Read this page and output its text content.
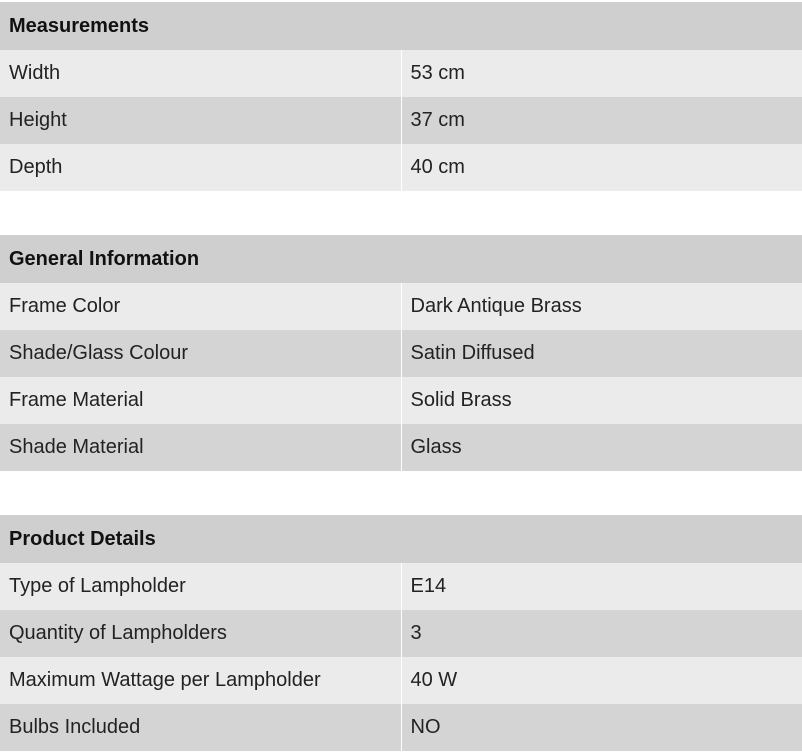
Measurements	
Width	53 cm
Height	37 cm
Depth	40 cm
General Information	
Frame Color	Dark Antique Brass
Shade/Glass Colour	Satin Diffused
Frame Material	Solid Brass
Shade Material	Glass
Product Details	
Type of Lampholder	E14
Quantity of Lampholders	3
Maximum Wattage per Lampholder	40 W
Bulbs Included	NO
